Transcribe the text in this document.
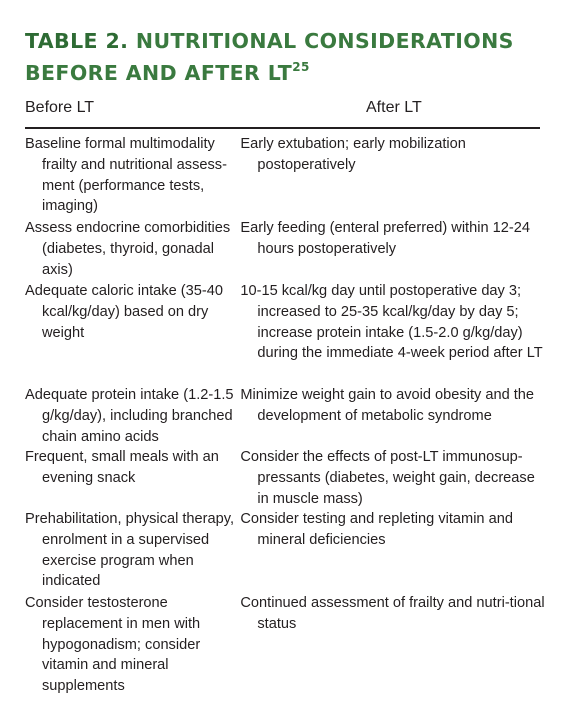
TABLE 2. NUTRITIONAL CONSIDERATIONS BEFORE AND AFTER LT$^{25}$
Before LT	After LT
Baseline formal multimodality frailty and nutritional assess-ment (performance tests, imaging)
Early extubation; early mobilization postoperatively
Assess endocrine comorbidities (diabetes, thyroid, gonadal axis)
Early feeding (enteral preferred) within 12-24 hours postoperatively
Adequate caloric intake (35-40 kcal/kg/day) based on dry weight
10-15 kcal/kg day until postoperative day 3; increased to 25-35 kcal/kg/day by day 5; increase protein intake (1.5-2.0 g/kg/day) during the immediate 4-week period after LT
Adequate protein intake (1.2-1.5 g/kg/day), including branched chain amino acids
Minimize weight gain to avoid obesity and the development of metabolic syndrome
Frequent, small meals with an evening snack
Consider the effects of post-LT immunosup-pressants (diabetes, weight gain, decrease in muscle mass)
Prehabilitation, physical therapy, enrolment in a supervised exercise program when indicated
Consider testing and repleting vitamin and mineral deficiencies
Consider testosterone replacement in men with hypogonadism; consider vitamin and mineral supplements
Continued assessment of frailty and nutri-tional status
